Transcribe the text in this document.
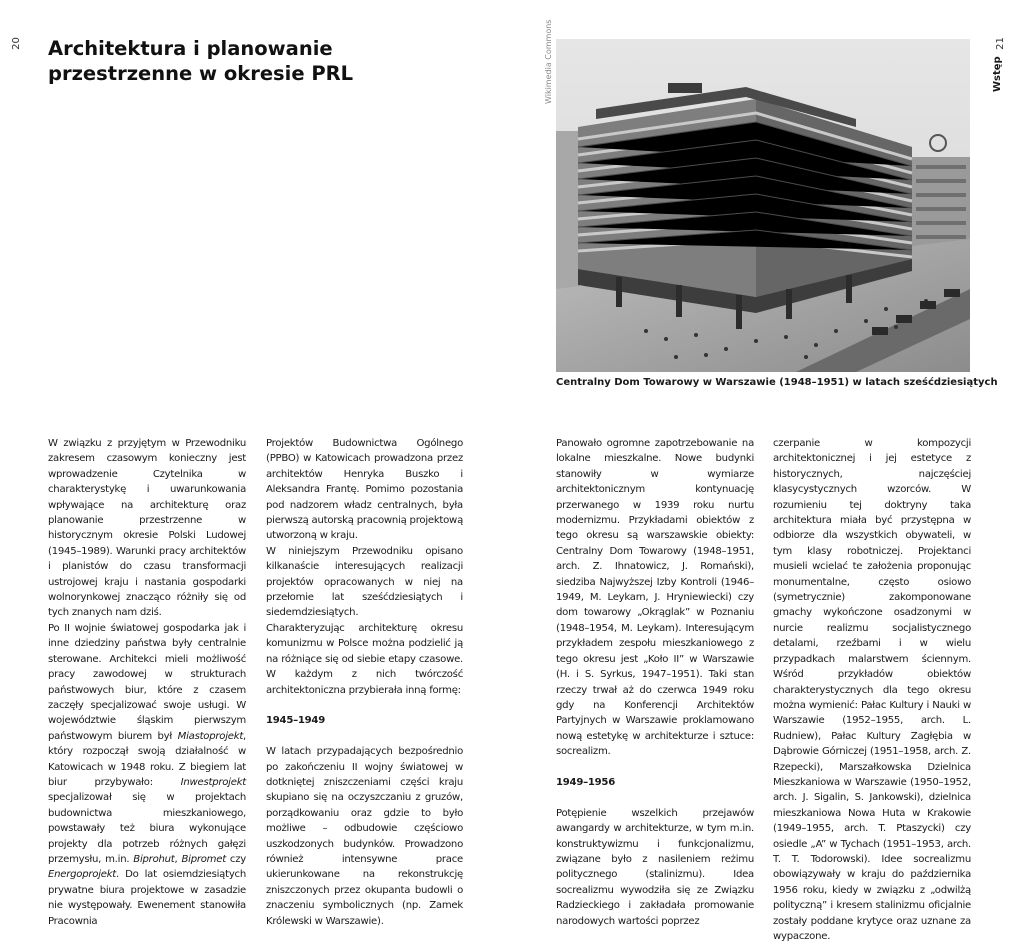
20	21
Wstęp
Architektura i planowanie przestrzenne w okresie PRL	Wikimedia Commons
Centralny Dom Towarowy w Warszawie (1948–1951) w latach sześćdziesiątych

W związku z przyjętym w Przewodniku zakresem czasowym konieczny jest wprowadzenie Czytelnika w charakterystykę i uwarunkowania wpływające na architekturę oraz planowanie przestrzenne w historycznym okresie Polski Ludowej (1945–1989). Warunki pracy architektów i planistów do czasu transformacji ustrojowej kraju i nastania gospodarki wolnorynkowej znacząco różniły się od tych znanych nam dziś.

Po II wojnie światowej gospodarka jak i inne dziedziny państwa były centralnie sterowane. Architekci mieli możliwość pracy zawodowej w strukturach państwowych biur, które z czasem zaczęły specjalizować swoje usługi. W województwie śląskim pierwszym państwowym biurem był Miastoprojekt, który rozpoczął swoją działalność w Katowicach w 1948 roku. Z biegiem lat biur przybywało: Inwestprojekt specjalizował się w projektach budownictwa mieszkaniowego, powstawały też biura wykonujące projekty dla potrzeb różnych gałęzi przemysłu, m.in. Biprohut, Bipromet czy Energoprojekt. Do lat osiemdziesiątych prywatne biura projektowe w zasadzie nie występowały. Ewenement stanowiła Pracownia

Projektów Budownictwa Ogólnego (PPBO) w Katowicach prowadzona przez architektów Henryka Buszko i Aleksandra Frantę. Pomimo pozostania pod nadzorem władz centralnych, była pierwszą autorską pracownią projektową utworzoną w kraju.

W niniejszym Przewodniku opisano kilkanaście interesujących realizacji projektów opracowanych w niej na przełomie lat sześćdziesiątych i siedemdziesiątych.

Charakteryzując architekturę okresu komunizmu w Polsce można podzielić ją na różniące się od siebie etapy czasowe. W każdym z nich twórczość architektoniczna przybierała inną formę:

1945–1949

W latach przypadających bezpośrednio po zakończeniu II wojny światowej w dotkniętej zniszczeniami części kraju skupiano się na oczyszczaniu z gruzów, porządkowaniu oraz gdzie to było możliwe – odbudowie częściowo uszkodzonych budynków. Prowadzono również intensywne prace ukierunkowane na rekonstrukcję zniszczonych przez okupanta budowli o znaczeniu symbolicznych (np. Zamek Królewski w Warszawie).

Panowało ogromne zapotrzebowanie na lokalne mieszkalne. Nowe budynki stanowiły w wymiarze architektonicznym kontynuację przerwanego w 1939 roku nurtu modernizmu. Przykładami obiektów z tego okresu są warszawskie obiekty: Centralny Dom Towarowy (1948–1951, arch. Z. Ihnatowicz, J. Romański), siedziba Najwyższej Izby Kontroli (1946–1949, M. Leykam, J. Hryniewiecki) czy dom towarowy „Okrąglak” w Poznaniu (1948–1954, M. Leykam). Interesującym przykładem zespołu mieszkaniowego z tego okresu jest „Koło II” w Warszawie (H. i S. Syrkus, 1947–1951). Taki stan rzeczy trwał aż do czerwca 1949 roku gdy na Konferencji Architektów Partyjnych w Warszawie proklamowano nową estetykę w architekturze i sztuce: socrealizm.

1949–1956

Potępienie wszelkich przejawów awangardy w architekturze, w tym m.in. konstruktywizmu i funkcjonalizmu, związane było z nasileniem reżimu politycznego (stalinizmu). Idea socrealizmu wywodziła się ze Związku Radzieckiego i zakładała promowanie narodowych wartości poprzez

czerpanie w kompozycji architektonicznej i jej estetyce z historycznych, najczęściej klasycystycznych wzorców. W rozumieniu tej doktryny taka architektura miała być przystępna w odbiorze dla wszystkich obywateli, w tym klasy robotniczej. Projektanci musieli wcielać te założenia proponując monumentalne, często osiowo (symetrycznie) zakomponowane gmachy wykończone osadzonymi w nurcie realizmu socjalistycznego detalami, rzeźbami i w wielu przypadkach malarstwem ściennym. Wśród przykładów obiektów charakterystycznych dla tego okresu można wymienić: Pałac Kultury i Nauki w Warszawie (1952–1955, arch. L. Rudniew), Pałac Kultury Zagłębia w Dąbrowie Górniczej (1951–1958, arch. Z. Rzepecki), Marszałkowska Dzielnica Mieszkaniowa w Warszawie (1950–1952, arch. J. Sigalin, S. Jankowski), dzielnica mieszkaniowa Nowa Huta w Krakowie (1949–1955, arch. T. Ptaszycki) czy osiedle „A” w Tychach (1951–1953, arch. T. T. Todorowski). Idee socrealizmu obowiązywały w kraju do października 1956 roku, kiedy w związku z „odwilżą polityczną” i kresem stalinizmu oficjalnie zostały poddane krytyce oraz uznane za wypaczone.
